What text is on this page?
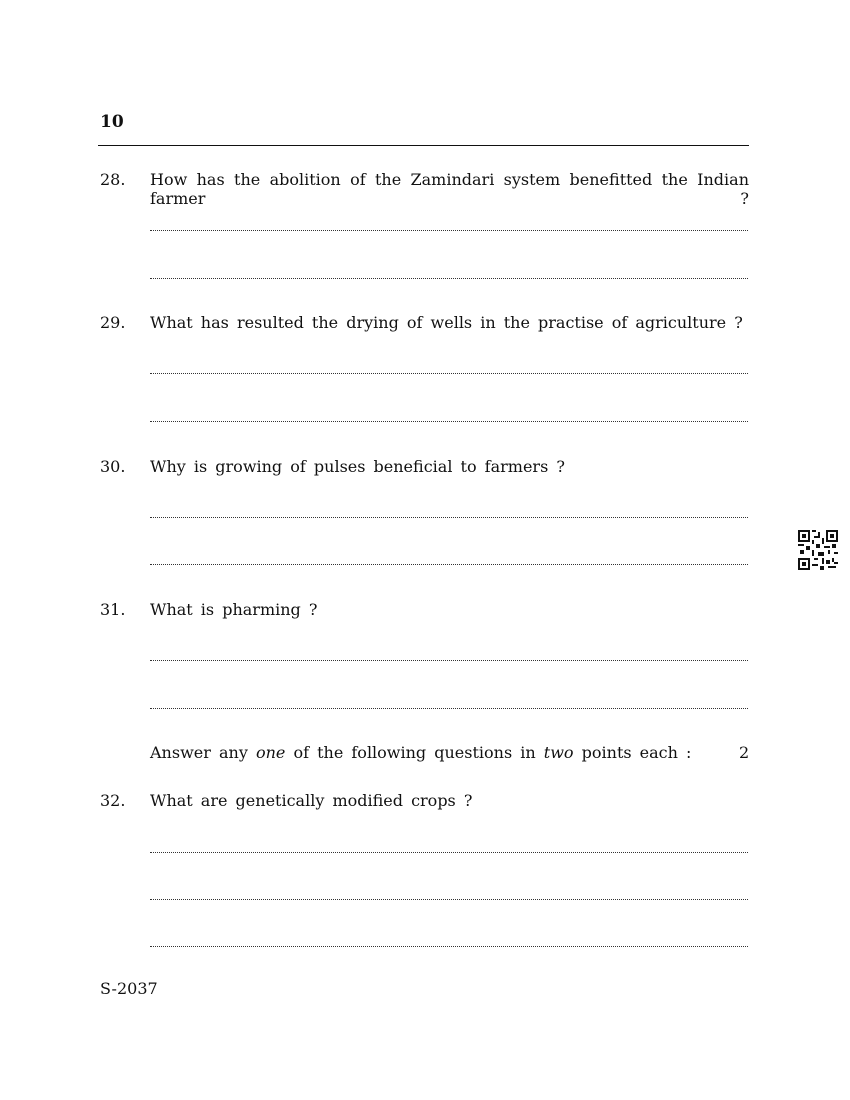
10
28. How has the abolition of the Zamindari system benefitted the Indian farmer ?
29. What has resulted the drying of wells in the practise of agriculture ?
30. Why is growing of pulses beneficial to farmers ?
31. What is pharming ?
Answer any one of the following questions in two points each :	2
32. What are genetically modified crops ?
S-2037
